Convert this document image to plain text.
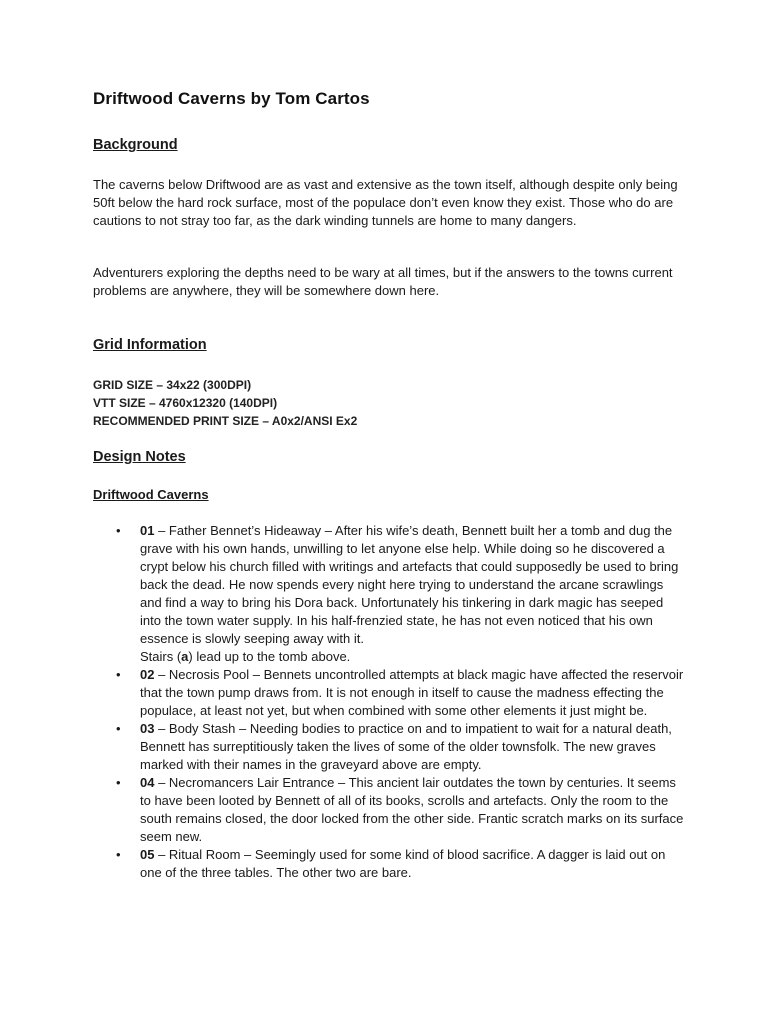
Driftwood Caverns by Tom Cartos
Background

The caverns below Driftwood are as vast and extensive as the town itself, although despite only being 50ft below the hard rock surface, most of the populace don’t even know they exist. Those who do are cautions to not stray too far, as the dark winding tunnels are home to many dangers.

Adventurers exploring the depths need to be wary at all times, but if the answers to the towns current problems are anywhere, they will be somewhere down here.

Grid Information
GRID SIZE – 34x22 (300DPI)
VTT SIZE – 4760x12320 (140DPI)
RECOMMENDED PRINT SIZE – A0x2/ANSI Ex2
Design Notes
Driftwood Caverns
• 01 – Father Bennet’s Hideaway – After his wife’s death, Bennett built her a tomb and dug the grave with his own hands, unwilling to let anyone else help. While doing so he discovered a crypt below his church filled with writings and artefacts that could supposedly be used to bring back the dead. He now spends every night here trying to understand the arcane scrawlings and find a way to bring his Dora back. Unfortunately his tinkering in dark magic has seeped into the town water supply. In his half-frenzied state, he has not even noticed that his own essence is slowly seeping away with it.
Stairs (a) lead up to the tomb above.
• 02 – Necrosis Pool – Bennets uncontrolled attempts at black magic have affected the reservoir that the town pump draws from. It is not enough in itself to cause the madness effecting the populace, at least not yet, but when combined with some other elements it just might be.
• 03 – Body Stash – Needing bodies to practice on and to impatient to wait for a natural death, Bennett has surreptitiously taken the lives of some of the older townsfolk. The new graves marked with their names in the graveyard above are empty.
• 04 – Necromancers Lair Entrance – This ancient lair outdates the town by centuries. It seems to have been looted by Bennett of all of its books, scrolls and artefacts. Only the room to the south remains closed, the door locked from the other side. Frantic scratch marks on its surface seem new.
• 05 – Ritual Room – Seemingly used for some kind of blood sacrifice. A dagger is laid out on one of the three tables. The other two are bare.
